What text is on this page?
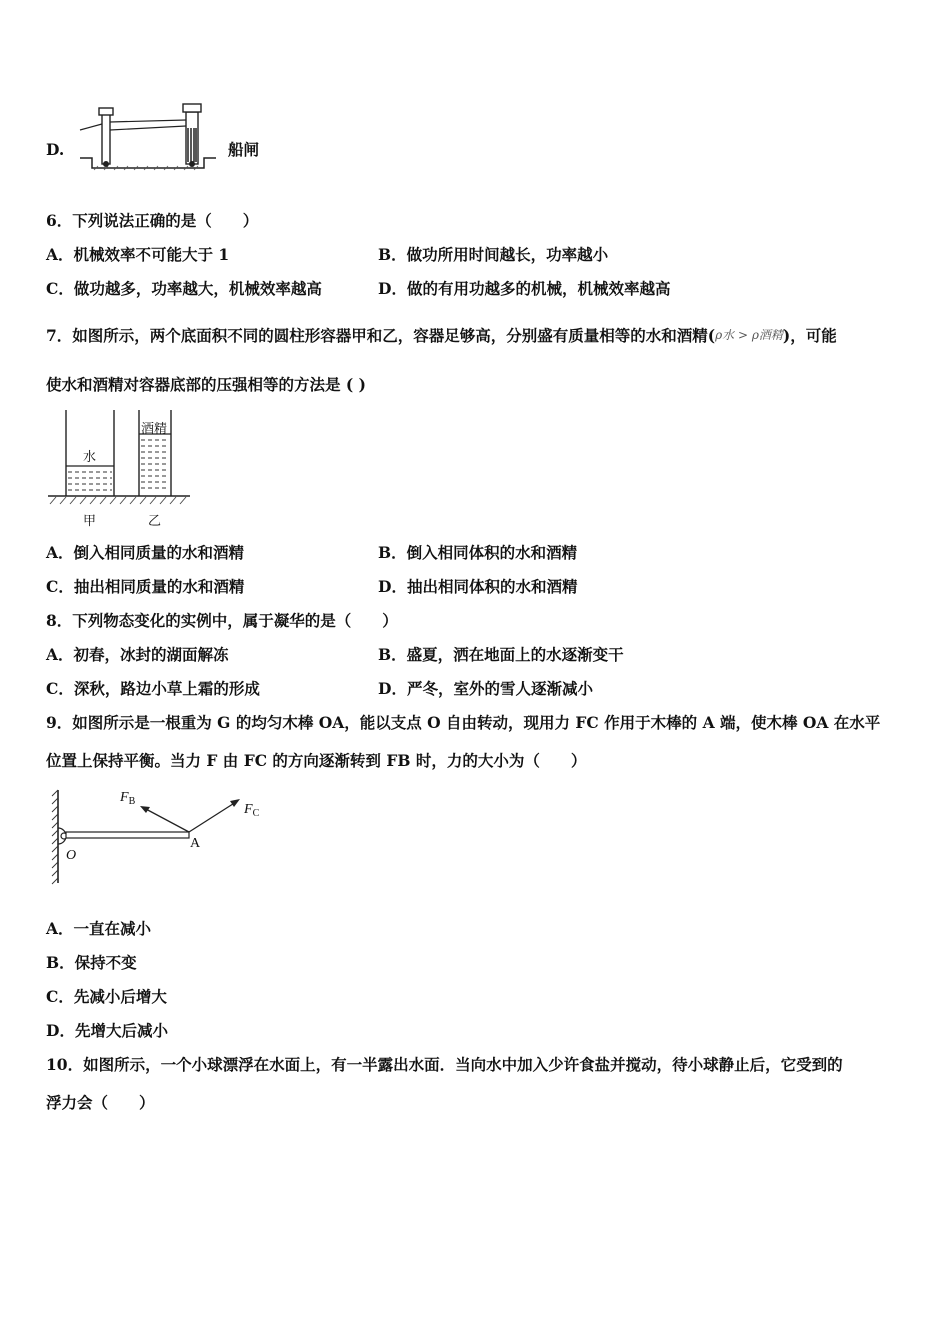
D.	船闸
6．下列说法正确的是（　　）
A．机械效率不可能大于 1	B．做功所用时间越长，功率越小
C．做功越多，功率越大，机械效率越高	D．做的有用功越多的机械，机械效率越高
7．如图所示，两个底面积不同的圆柱形容器甲和乙，容器足够高，分别盛有质量相等的水和酒精(ρ水 > ρ酒精)，可能
使水和酒精对容器底部的压强相等的方法是 ( )
水
酒精
甲	乙
A．倒入相同质量的水和酒精	B．倒入相同体积的水和酒精
C．抽出相同质量的水和酒精	D．抽出相同体积的水和酒精
8．下列物态变化的实例中，属于凝华的是（　　）
A．初春，冰封的湖面解冻	B．盛夏，洒在地面上的水逐渐变干
C．深秋，路边小草上霜的形成	D．严冬，室外的雪人逐渐减小
9．如图所示是一根重为 G 的均匀木棒 OA，能以支点 O 自由转动，现用力 FC 作用于木棒的 A 端，使木棒 OA 在水平
位置上保持平衡。当力 F 由 FC 的方向逐渐转到 FB 时，力的大小为（　　）
$F_B$
$F_C$
O
A
A．一直在减小
B．保持不变
C．先减小后增大
D．先增大后减小
10．如图所示，一个小球漂浮在水面上，有一半露出水面．当向水中加入少许食盐并搅动，待小球静止后，它受到的
浮力会（　　）
